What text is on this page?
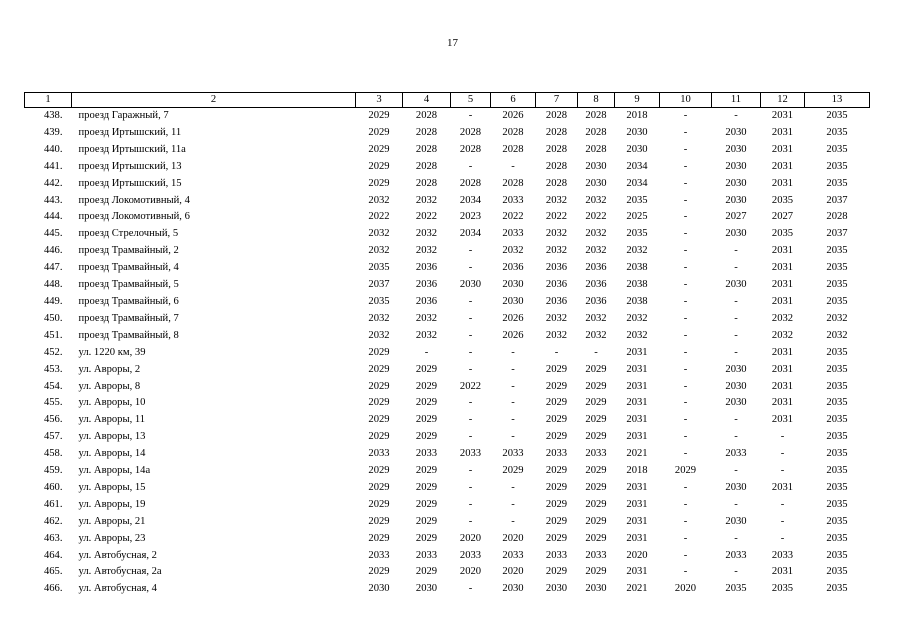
17
1	2	3	4	5	6	7	8	9	10	11	12	13
438.	проезд Гаражный, 7	2029	2028	-	2026	2028	2028	2018	-	-	2031	2035
439.	проезд Иртышский, 11	2029	2028	2028	2028	2028	2028	2030	-	2030	2031	2035
440.	проезд Иртышский, 11а	2029	2028	2028	2028	2028	2028	2030	-	2030	2031	2035
441.	проезд Иртышский, 13	2029	2028	-	-	2028	2030	2034	-	2030	2031	2035
442.	проезд Иртышский, 15	2029	2028	2028	2028	2028	2030	2034	-	2030	2031	2035
443.	проезд Локомотивный, 4	2032	2032	2034	2033	2032	2032	2035	-	2030	2035	2037
444.	проезд Локомотивный, 6	2022	2022	2023	2022	2022	2022	2025	-	2027	2027	2028
445.	проезд Стрелочный, 5	2032	2032	2034	2033	2032	2032	2035	-	2030	2035	2037
446.	проезд Трамвайный, 2	2032	2032	-	2032	2032	2032	2032	-	-	2031	2035
447.	проезд Трамвайный, 4	2035	2036	-	2036	2036	2036	2038	-	-	2031	2035
448.	проезд Трамвайный, 5	2037	2036	2030	2030	2036	2036	2038	-	2030	2031	2035
449.	проезд Трамвайный, 6	2035	2036	-	2030	2036	2036	2038	-	-	2031	2035
450.	проезд Трамвайный, 7	2032	2032	-	2026	2032	2032	2032	-	-	2032	2032
451.	проезд Трамвайный, 8	2032	2032	-	2026	2032	2032	2032	-	-	2032	2032
452.	ул. 1220 км, 39	2029	-	-	-	-	-	2031	-	-	2031	2035
453.	ул. Авроры, 2	2029	2029	-	-	2029	2029	2031	-	2030	2031	2035
454.	ул. Авроры, 8	2029	2029	2022	-	2029	2029	2031	-	2030	2031	2035
455.	ул. Авроры, 10	2029	2029	-	-	2029	2029	2031	-	2030	2031	2035
456.	ул. Авроры, 11	2029	2029	-	-	2029	2029	2031	-	-	2031	2035
457.	ул. Авроры, 13	2029	2029	-	-	2029	2029	2031	-	-	-	2035
458.	ул. Авроры, 14	2033	2033	2033	2033	2033	2033	2021	-	2033	-	2035
459.	ул. Авроры, 14а	2029	2029	-	2029	2029	2029	2018	2029	-	-	2035
460.	ул. Авроры, 15	2029	2029	-	-	2029	2029	2031	-	2030	2031	2035
461.	ул. Авроры, 19	2029	2029	-	-	2029	2029	2031	-	-	-	2035
462.	ул. Авроры, 21	2029	2029	-	-	2029	2029	2031	-	2030	-	2035
463.	ул. Авроры, 23	2029	2029	2020	2020	2029	2029	2031	-	-	-	2035
464.	ул. Автобусная, 2	2033	2033	2033	2033	2033	2033	2020	-	2033	2033	2035
465.	ул. Автобусная, 2а	2029	2029	2020	2020	2029	2029	2031	-	-	2031	2035
466.	ул. Автобусная, 4	2030	2030	-	2030	2030	2030	2021	2020	2035	2035	2035
